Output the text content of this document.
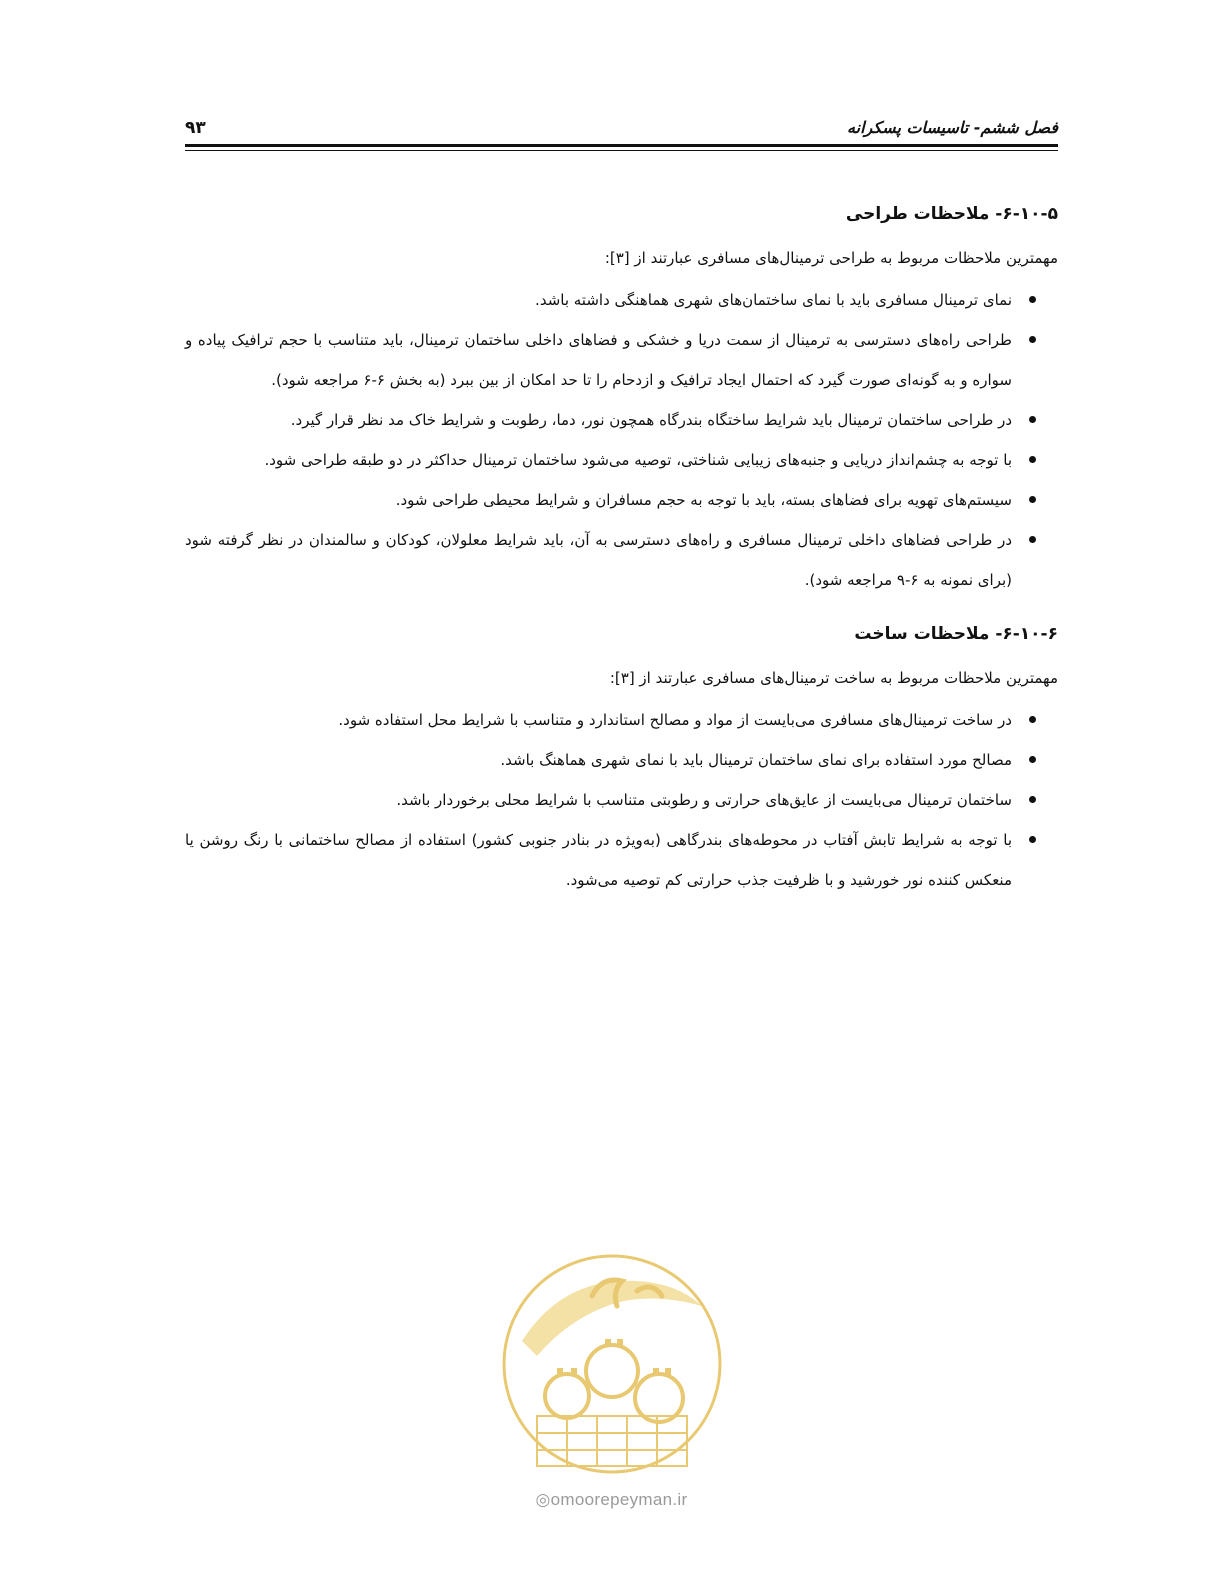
فصل ششم- تاسیسات پسکرانه
۹۳
۶-۱۰-۵- ملاحظات طراحی

مهمترین ملاحظات مربوط به طراحی ترمینال‌های مسافری عبارتند از [۳]:

نمای ترمینال مسافری باید با نمای ساختمان‌های شهری هماهنگی داشته باشد.
طراحی راه‌های دسترسی به ترمینال از سمت دریا و خشکی و فضاهای داخلی ساختمان ترمینال، باید متناسب با حجم ترافیک پیاده و سواره و به گونه‌ای صورت گیرد که احتمال ایجاد ترافیک و ازدحام را تا حد امکان از بین ببرد (به بخش ۶-۶ مراجعه شود).
در طراحی ساختمان ترمینال باید شرایط ساختگاه بندرگاه همچون نور، دما، رطوبت و شرایط خاک مد نظر قرار گیرد.
با توجه به چشم‌انداز دریایی و جنبه‌های زیبایی شناختی، توصیه می‌شود ساختمان ترمینال حداکثر در دو طبقه طراحی شود.
سیستم‌های تهویه برای فضاهای بسته، باید با توجه به حجم مسافران و شرایط محیطی طراحی شود.
در طراحی فضاهای داخلی ترمینال مسافری و راه‌های دسترسی به آن، باید شرایط معلولان، کودکان و سالمندان در نظر گرفته شود (برای نمونه به ۶-۹ مراجعه شود).
۶-۱۰-۶- ملاحظات ساخت

مهمترین ملاحظات مربوط به ساخت ترمینال‌های مسافری عبارتند از [۳]:

در ساخت ترمینال‌های مسافری می‌بایست از مواد و مصالح استاندارد و متناسب با شرایط محل استفاده شود.
مصالح مورد استفاده برای نمای ساختمان ترمینال باید با نمای شهری هماهنگ باشد.
ساختمان ترمینال می‌بایست از عایق‌های حرارتی و رطوبتی متناسب با شرایط محلی برخوردار باشد.
با توجه به شرایط تابش آفتاب در محوطه‌های بندرگاهی (به‌ویژه در بنادر جنوبی کشور) استفاده از مصالح ساختمانی با رنگ روشن یا منعکس کننده نور خورشید و با ظرفیت جذب حرارتی کم توصیه می‌شود.
◎omoorepeyman.ir
